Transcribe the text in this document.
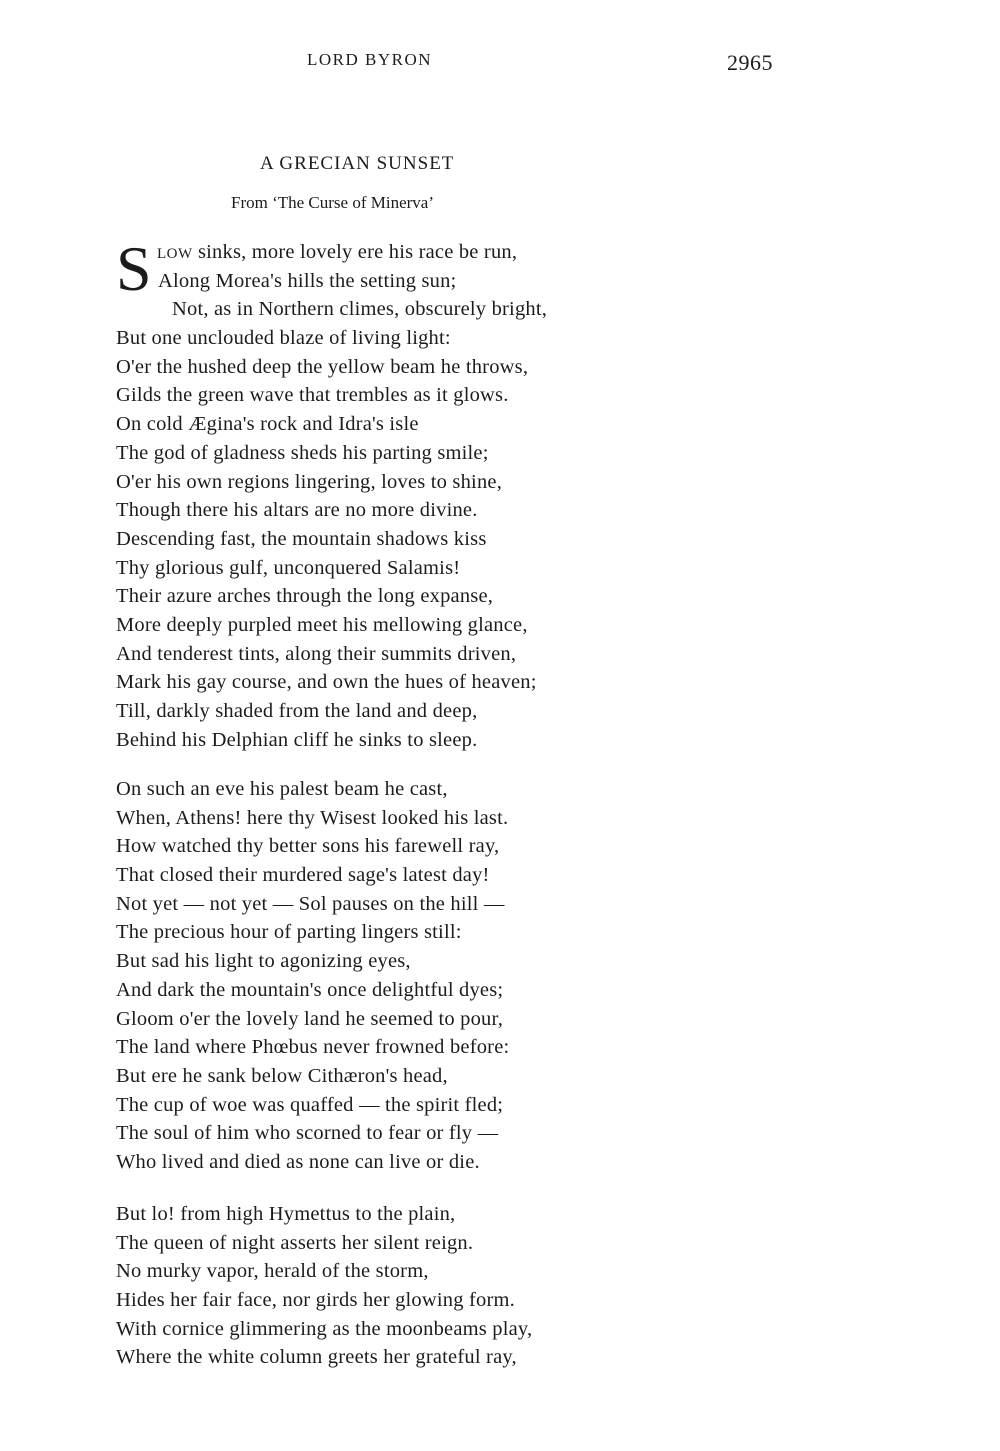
LORD BYRON	2965
A GRECIAN SUNSET
From ‘The Curse of Minerva’
S LOW sinks, more lovely ere his race be run,
Along Morea's hills the setting sun;
Not, as in Northern climes, obscurely bright,
But one unclouded blaze of living light:
O'er the hushed deep the yellow beam he throws,
Gilds the green wave that trembles as it glows.
On cold Ægina's rock and Idra's isle
The god of gladness sheds his parting smile;
O'er his own regions lingering, loves to shine,
Though there his altars are no more divine.
Descending fast, the mountain shadows kiss
Thy glorious gulf, unconquered Salamis!
Their azure arches through the long expanse,
More deeply purpled meet his mellowing glance,
And tenderest tints, along their summits driven,
Mark his gay course, and own the hues of heaven;
Till, darkly shaded from the land and deep,
Behind his Delphian cliff he sinks to sleep.
On such an eve his palest beam he cast,
When, Athens! here thy Wisest looked his last.
How watched thy better sons his farewell ray,
That closed their murdered sage's latest day!
Not yet — not yet — Sol pauses on the hill —
The precious hour of parting lingers still:
But sad his light to agonizing eyes,
And dark the mountain's once delightful dyes;
Gloom o'er the lovely land he seemed to pour,
The land where Phœbus never frowned before:
But ere he sank below Cithæron's head,
The cup of woe was quaffed — the spirit fled;
The soul of him who scorned to fear or fly —
Who lived and died as none can live or die.
But lo! from high Hymettus to the plain,
The queen of night asserts her silent reign.
No murky vapor, herald of the storm,
Hides her fair face, nor girds her glowing form.
With cornice glimmering as the moonbeams play,
Where the white column greets her grateful ray,
